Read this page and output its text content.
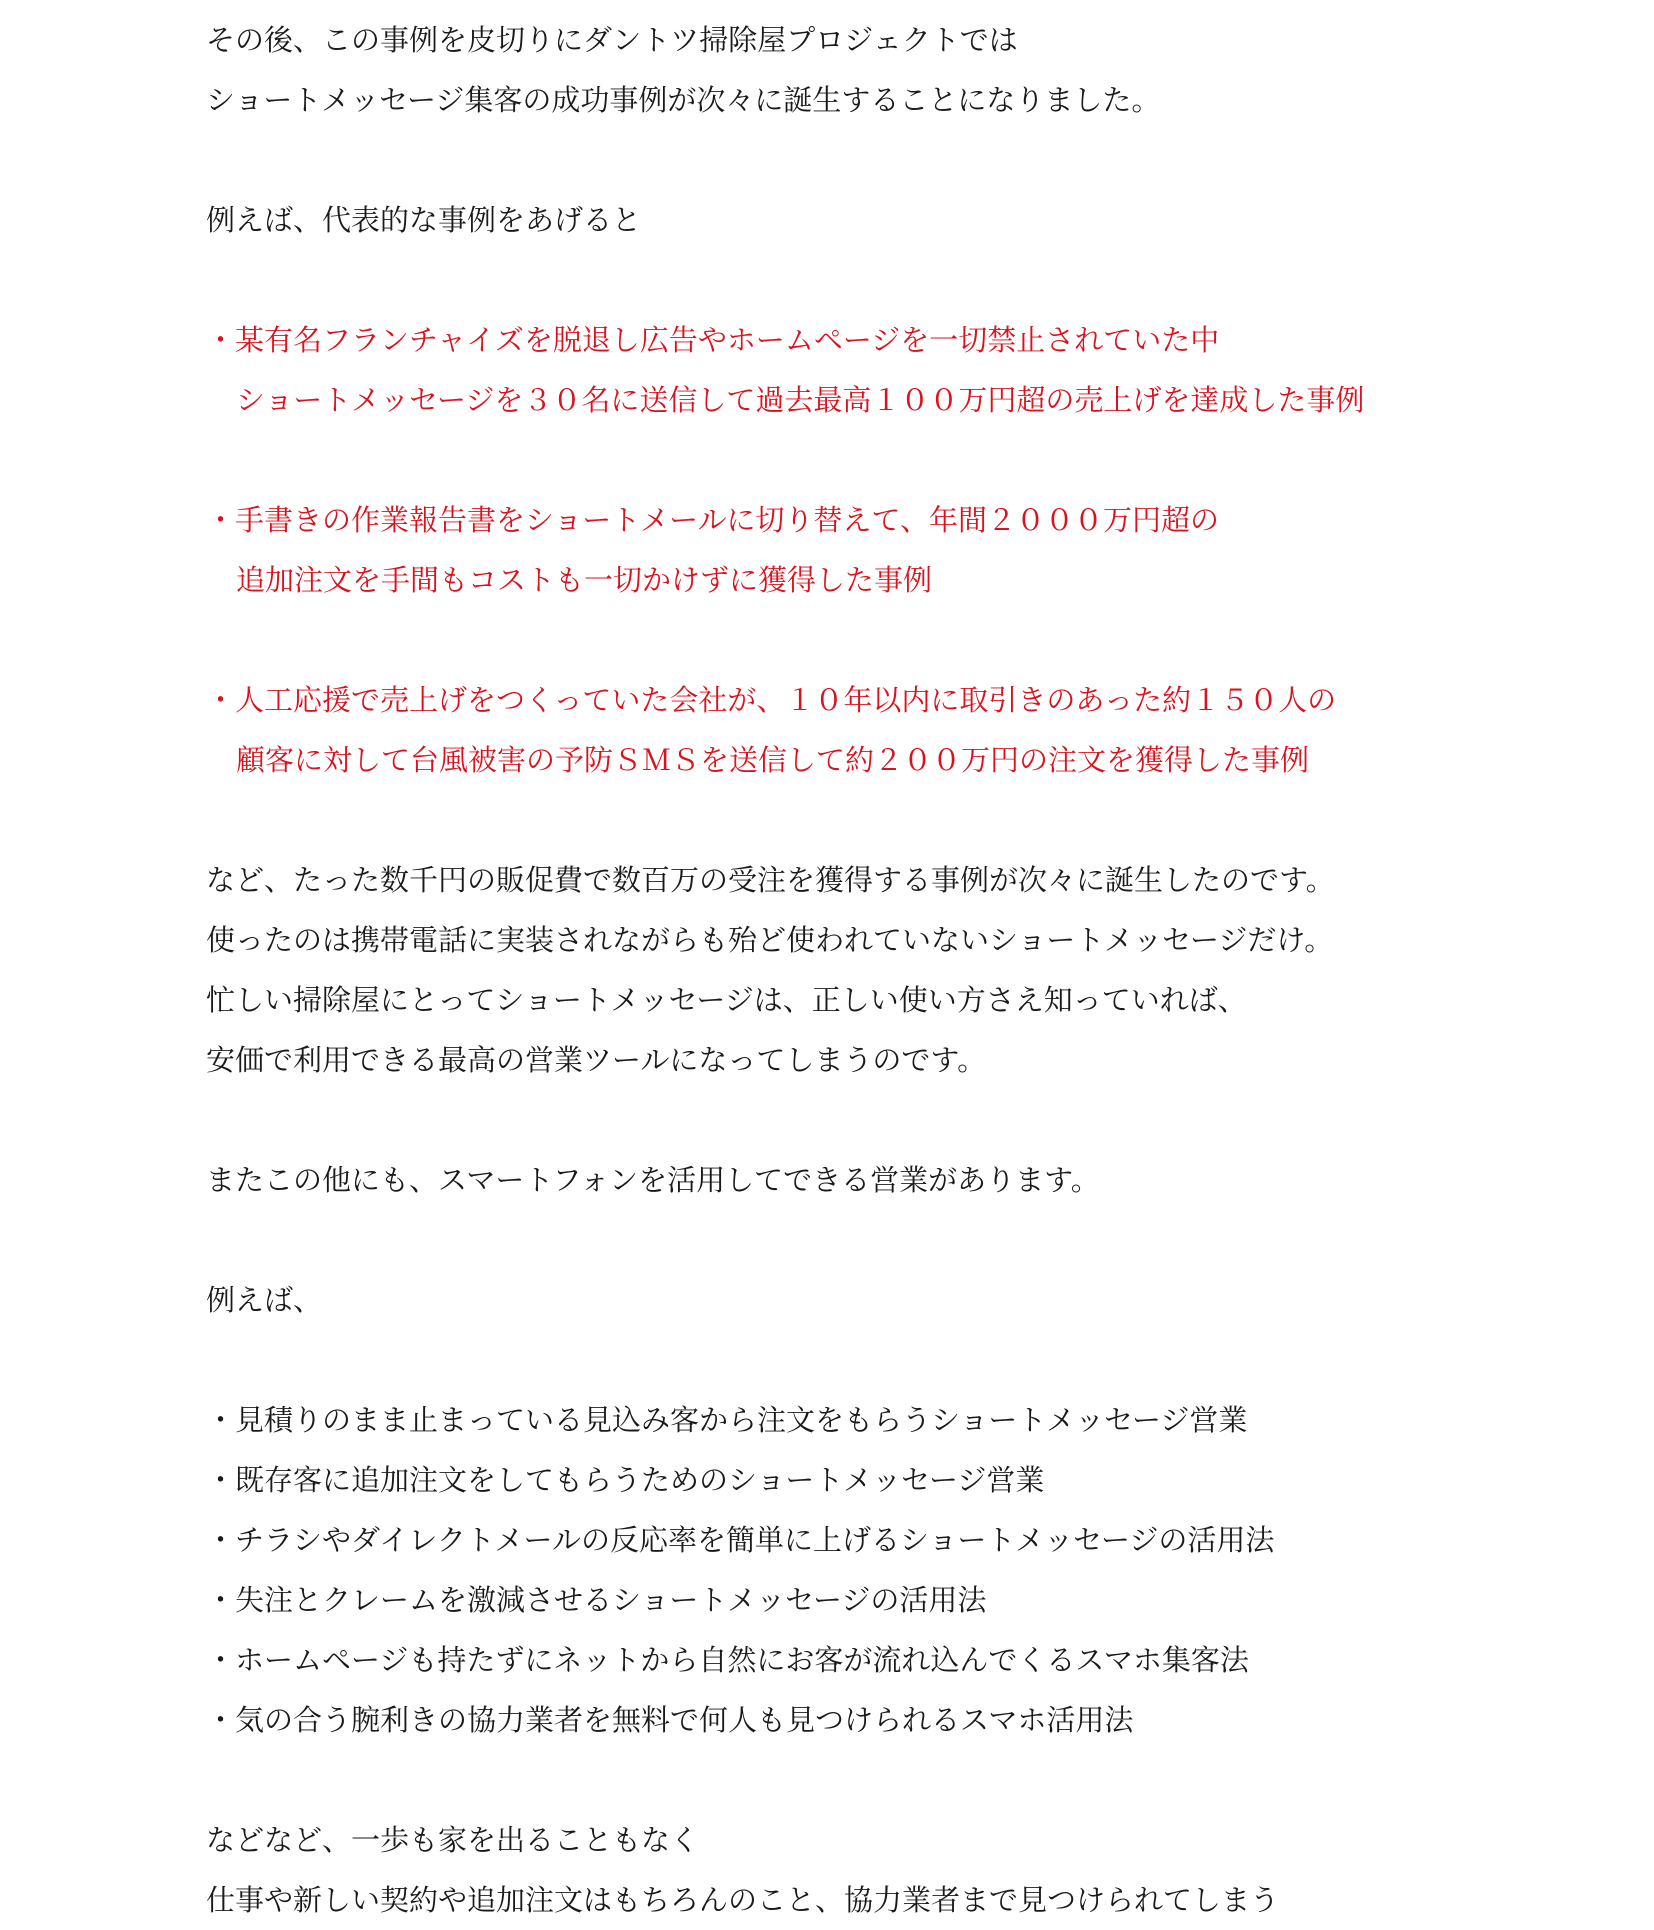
その後、この事例を皮切りにダントツ掃除屋プロジェクトでは
ショートメッセージ集客の成功事例が次々に誕生することになりました。
例えば、代表的な事例をあげると
・某有名フランチャイズを脱退し広告やホームページを一切禁止されていた中
ショートメッセージを３０名に送信して過去最高１００万円超の売上げを達成した事例
・手書きの作業報告書をショートメールに切り替えて、年間２０００万円超の
追加注文を手間もコストも一切かけずに獲得した事例
・人工応援で売上げをつくっていた会社が、１０年以内に取引きのあった約１５０人の
顧客に対して台風被害の予防ＳＭＳを送信して約２００万円の注文を獲得した事例
など、たった数千円の販促費で数百万の受注を獲得する事例が次々に誕生したのです。
使ったのは携帯電話に実装されながらも殆ど使われていないショートメッセージだけ。
忙しい掃除屋にとってショートメッセージは、正しい使い方さえ知っていれば、
安価で利用できる最高の営業ツールになってしまうのです。
またこの他にも、スマートフォンを活用してできる営業があります。
例えば、
・見積りのまま止まっている見込み客から注文をもらうショートメッセージ営業
・既存客に追加注文をしてもらうためのショートメッセージ営業
・チラシやダイレクトメールの反応率を簡単に上げるショートメッセージの活用法
・失注とクレームを激減させるショートメッセージの活用法
・ホームページも持たずにネットから自然にお客が流れ込んでくるスマホ集客法
・気の合う腕利きの協力業者を無料で何人も見つけられるスマホ活用法
などなど、一歩も家を出ることもなく
仕事や新しい契約や追加注文はもちろんのこと、協力業者まで見つけられてしまう
